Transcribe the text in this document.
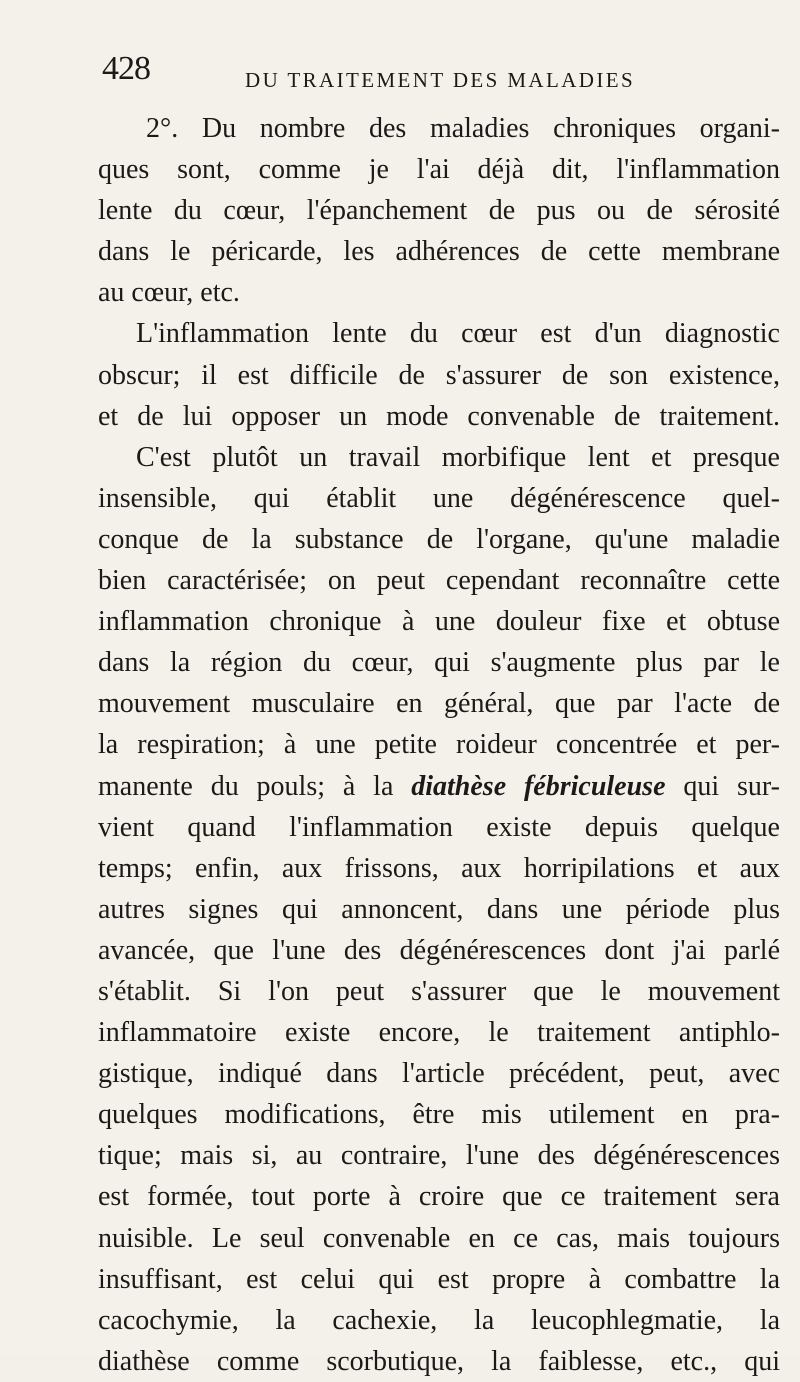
428	DU TRAITEMENT DES MALADIES
2°. Du nombre des maladies chroniques organi-
ques sont, comme je l'ai déjà dit, l'inflammation
lente du cœur, l'épanchement de pus ou de sérosité
dans le péricarde, les adhérences de cette membrane
au cœur, etc.
L'inflammation lente du cœur est d'un diagnostic
obscur; il est difficile de s'assurer de son existence,
et de lui opposer un mode convenable de traitement.
C'est plutôt un travail morbifique lent et presque
insensible, qui établit une dégénérescence quel-
conque de la substance de l'organe, qu'une maladie
bien caractérisée; on peut cependant reconnaître cette
inflammation chronique à une douleur fixe et obtuse
dans la région du cœur, qui s'augmente plus par le
mouvement musculaire en général, que par l'acte de
la respiration; à une petite roideur concentrée et per-
manente du pouls; à la diathèse fébriculeuse qui sur-
vient quand l'inflammation existe depuis quelque
temps; enfin, aux frissons, aux horripilations et aux
autres signes qui annoncent, dans une période plus
avancée, que l'une des dégénérescences dont j'ai parlé
s'établit. Si l'on peut s'assurer que le mouvement
inflammatoire existe encore, le traitement antiphlo-
gistique, indiqué dans l'article précédent, peut, avec
quelques modifications, être mis utilement en pra-
tique; mais si, au contraire, l'une des dégénérescences
est formée, tout porte à croire que ce traitement sera
nuisible. Le seul convenable en ce cas, mais toujours
insuffisant, est celui qui est propre à combattre la
cacochymie, la cachexie, la leucophlegmatie, la
diathèse comme scorbutique, la faiblesse, etc., qui
